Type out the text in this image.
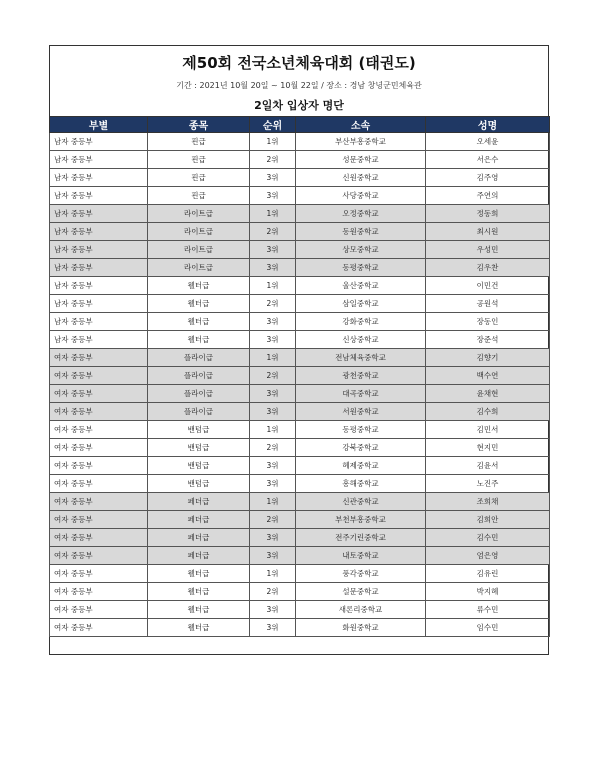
제50회 전국소년체육대회 (태권도)
기간 : 2021년 10월 20일 ~ 10월 22일 / 장소 : 경남 창녕군민체육관
2일차 입상자 명단
부별	종목	순위	소속	성명
남자 중등부	핀급	1위	부산부흥중학교	오세윤
남자 중등부	핀급	2위	성문중학교	서은수
남자 중등부	핀급	3위	신원중학교	김주영
남자 중등부	핀급	3위	사당중학교	주연의
남자 중등부	라이트급	1위	오정중학교	정동희
남자 중등부	라이트급	2위	동원중학교	최시원
남자 중등부	라이트급	3위	상모중학교	우성민
남자 중등부	라이트급	3위	동평중학교	김우찬
남자 중등부	웰터급	1위	울산중학교	이민건
남자 중등부	웰터급	2위	삼일중학교	공원석
남자 중등부	웰터급	3위	강화중학교	장동인
남자 중등부	웰터급	3위	신상중학교	장준석
여자 중등부	플라이급	1위	전남체육중학교	김향기
여자 중등부	플라이급	2위	광천중학교	백수연
여자 중등부	플라이급	3위	대곡중학교	윤채현
여자 중등부	플라이급	3위	서원중학교	김수희
여자 중등부	밴텀급	1위	동평중학교	김민서
여자 중등부	밴텀급	2위	강북중학교	현지민
여자 중등부	밴텀급	3위	혜제중학교	김윤서
여자 중등부	밴텀급	3위	흥해중학교	노진주
여자 중등부	페더급	1위	신관중학교	조희채
여자 중등부	페더급	2위	부천부흥중학교	김희안
여자 중등부	페더급	3위	전주기린중학교	김수민
여자 중등부	페더급	3위	내토중학교	엄은영
여자 중등부	웰터급	1위	풍각중학교	김유린
여자 중등부	웰터급	2위	설문중학교	박지혜
여자 중등부	웰터급	3위	새론리중학교	류수민
여자 중등부	웰터급	3위	화원중학교	임수민
